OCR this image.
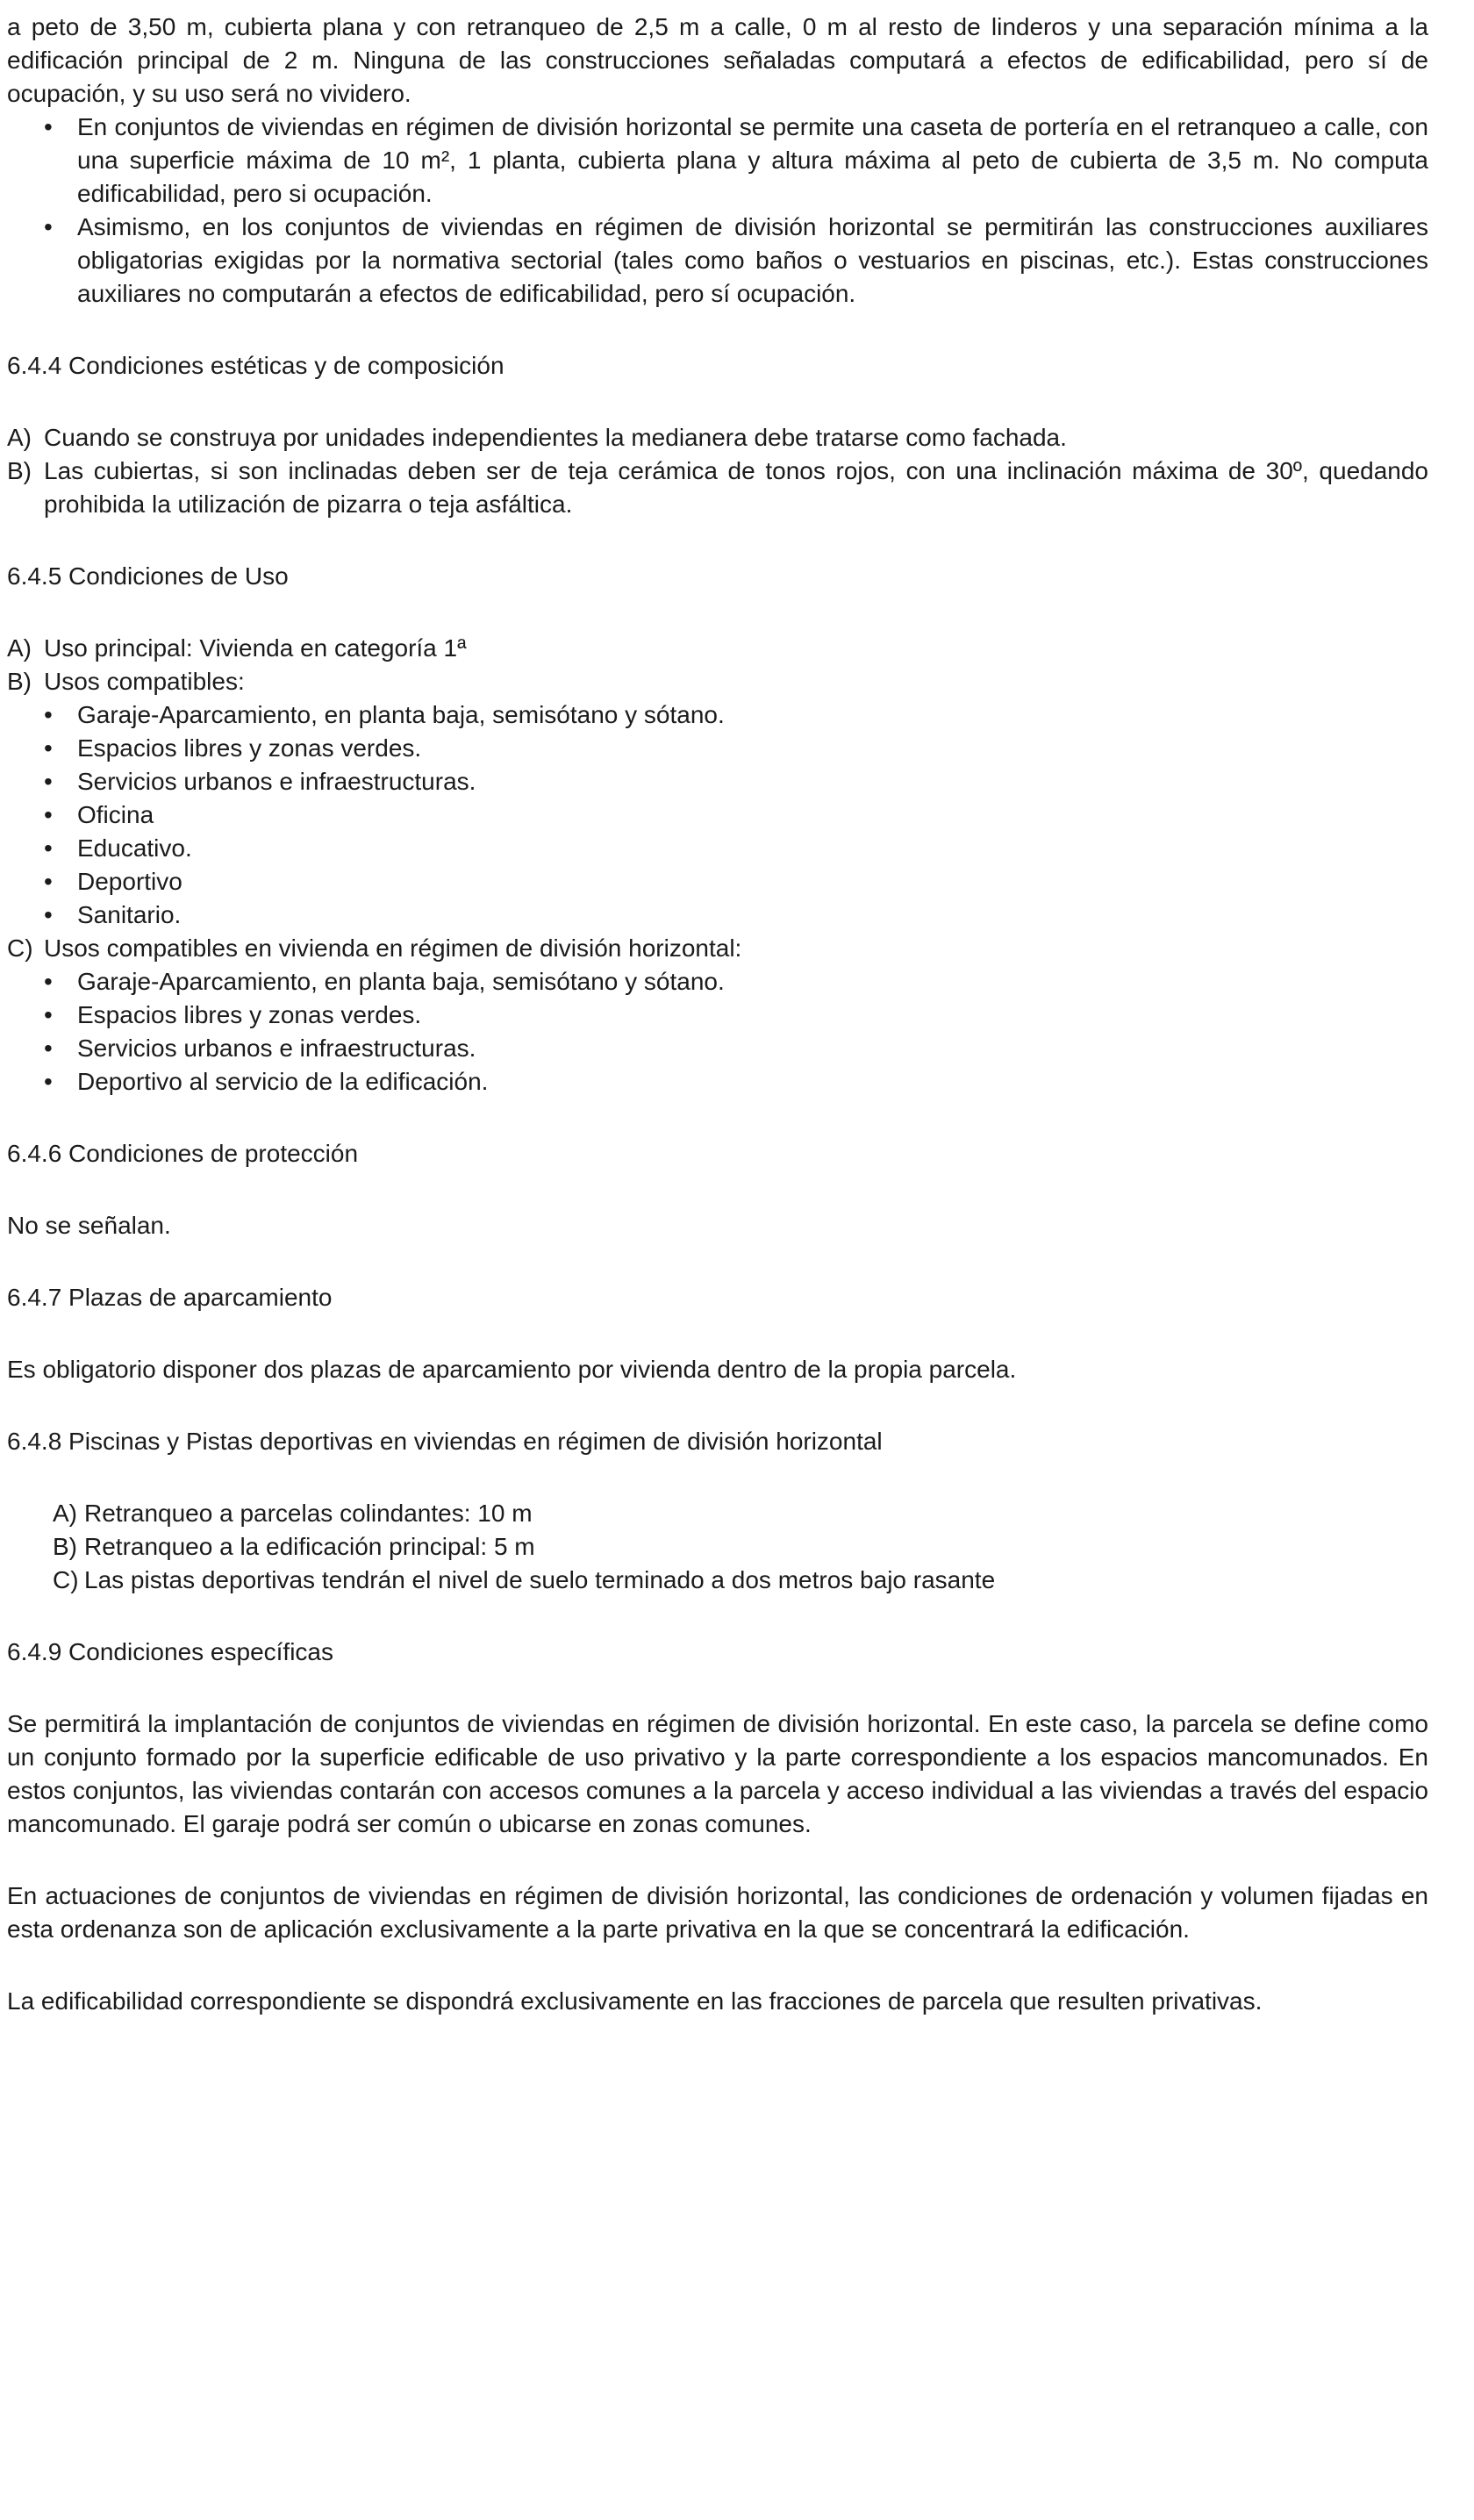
a peto de 3,50 m, cubierta plana y con retranqueo de 2,5 m a calle, 0 m al resto de linderos y una separación mínima a la edificación principal de 2 m. Ninguna de las construcciones señaladas computará a efectos de edificabilidad, pero sí de ocupación, y su uso será no vividero.
•	En conjuntos de viviendas en régimen de división horizontal se permite una caseta de portería en el retranqueo a calle, con una superficie máxima de 10 m², 1 planta, cubierta plana y altura máxima al peto de cubierta de 3,5 m. No computa edificabilidad, pero si ocupación.
•	Asimismo, en los conjuntos de viviendas en régimen de división horizontal se permitirán las construcciones auxiliares obligatorias exigidas por la normativa sectorial (tales como baños o vestuarios en piscinas, etc.). Estas construcciones auxiliares no computarán a efectos de edificabilidad, pero sí ocupación.
6.4.4 Condiciones estéticas y de composición
A) Cuando se construya por unidades independientes la medianera debe tratarse como fachada.
B) Las cubiertas, si son inclinadas deben ser de teja cerámica de tonos rojos, con una inclinación máxima de 30º, quedando prohibida la utilización de pizarra o teja asfáltica.
6.4.5 Condiciones de Uso
A) Uso principal: Vivienda en categoría 1ª
B) Usos compatibles:
•	Garaje-Aparcamiento, en planta baja, semisótano y sótano.
•	Espacios libres y zonas verdes.
•	Servicios urbanos e infraestructuras.
•	Oficina
•	Educativo.
•	Deportivo
•	Sanitario.
C) Usos compatibles en vivienda en régimen de división horizontal:
•	Garaje-Aparcamiento, en planta baja, semisótano y sótano.
•	Espacios libres y zonas verdes.
•	Servicios urbanos e infraestructuras.
•	Deportivo al servicio de la edificación.
6.4.6 Condiciones de protección
No se señalan.
6.4.7 Plazas de aparcamiento
Es obligatorio disponer dos plazas de aparcamiento por vivienda dentro de la propia parcela.
6.4.8 Piscinas y Pistas deportivas en viviendas en régimen de división horizontal
A) Retranqueo a parcelas colindantes: 10 m
B) Retranqueo a la edificación principal: 5 m
C) Las pistas deportivas tendrán el nivel de suelo terminado a dos metros bajo rasante
6.4.9 Condiciones específicas
Se permitirá la implantación de conjuntos de viviendas en régimen de división horizontal. En este caso, la parcela se define como un conjunto formado por la superficie edificable de uso privativo y la parte correspondiente a los espacios mancomunados. En estos conjuntos, las viviendas contarán con accesos comunes a la parcela y acceso individual a las viviendas a través del espacio mancomunado. El garaje podrá ser común o ubicarse en zonas comunes.
En actuaciones de conjuntos de viviendas en régimen de división horizontal, las condiciones de ordenación y volumen fijadas en esta ordenanza son de aplicación exclusivamente a la parte privativa en la que se concentrará la edificación.
La edificabilidad correspondiente se dispondrá exclusivamente en las fracciones de parcela que resulten privativas.
